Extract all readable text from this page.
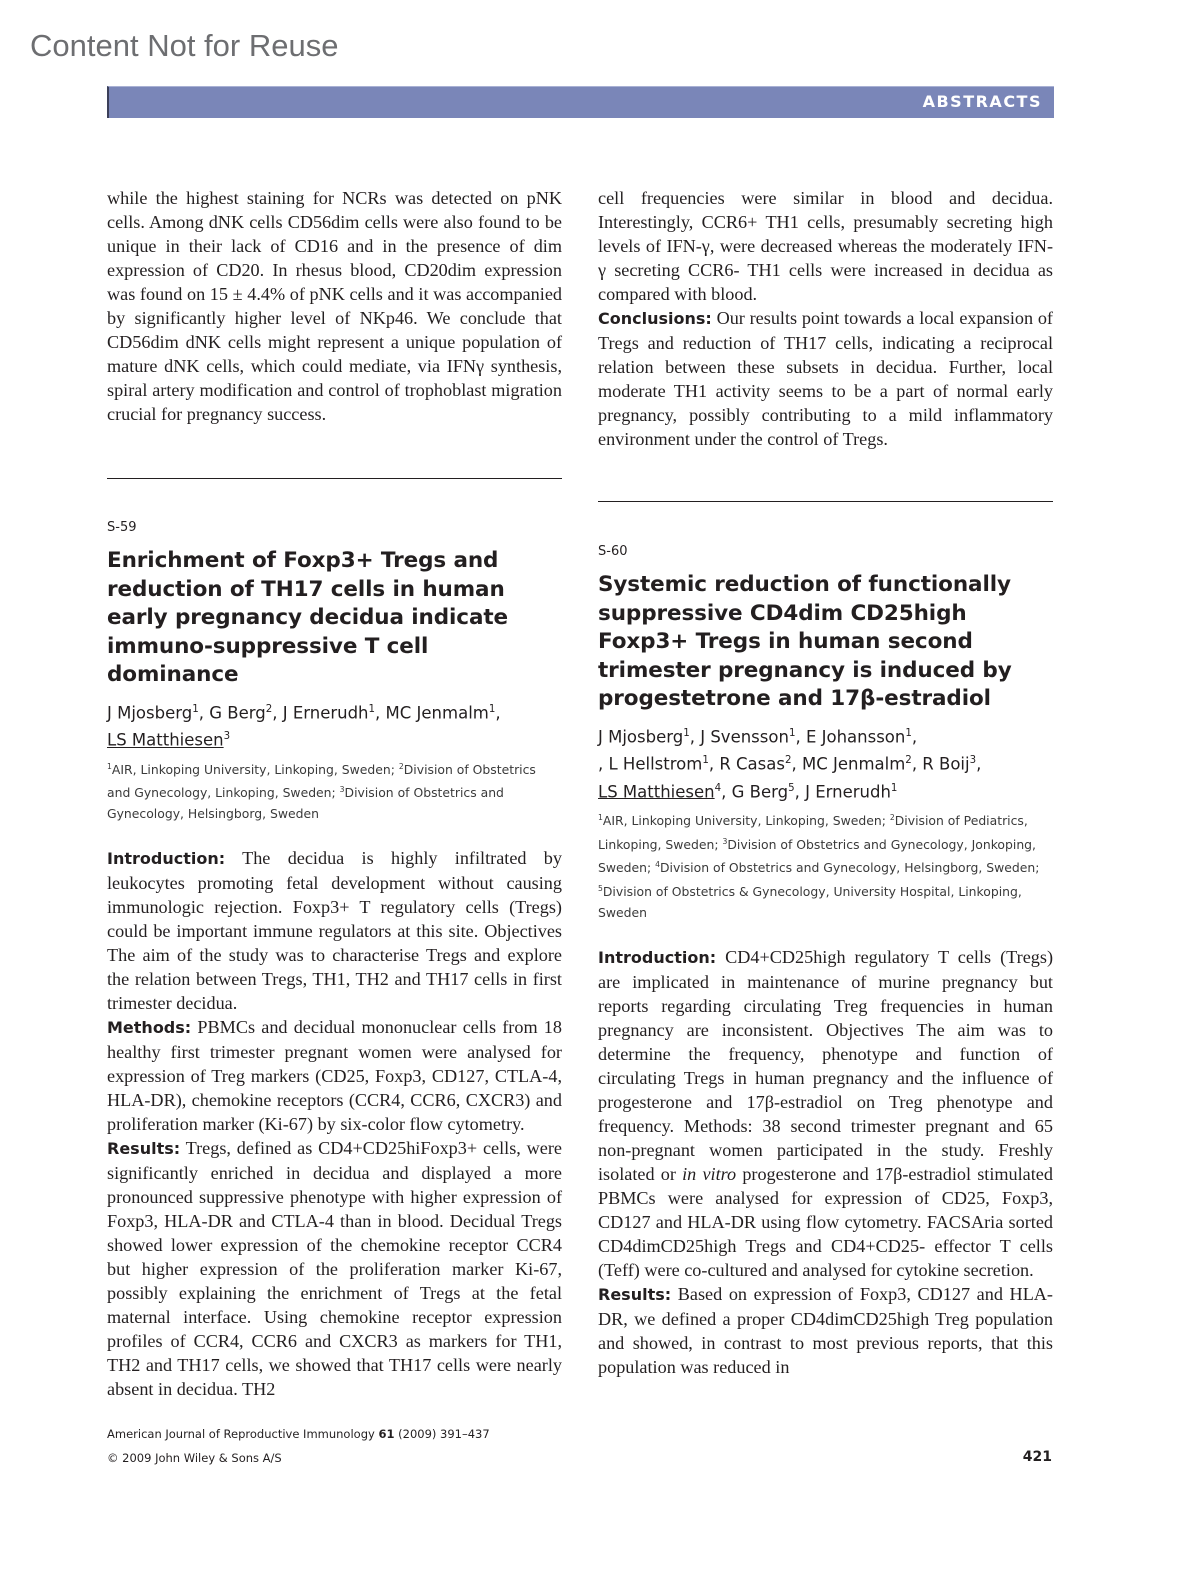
Content Not for Reuse
ABSTRACTS

while the highest staining for NCRs was detected on pNK cells. Among dNK cells CD56dim cells were also found to be unique in their lack of CD16 and in the presence of dim expression of CD20. In rhesus blood, CD20dim expression was found on 15 ± 4.4% of pNK cells and it was accompanied by significantly higher level of NKp46. We conclude that CD56dim dNK cells might represent a unique population of mature dNK cells, which could mediate, via IFNγ synthesis, spiral artery modification and control of trophoblast migration crucial for pregnancy success.

cell frequencies were similar in blood and decidua. Interestingly, CCR6+ TH1 cells, presumably secreting high levels of IFN-γ, were decreased whereas the moderately IFN-γ secreting CCR6- TH1 cells were increased in decidua as compared with blood.

Conclusions: Our results point towards a local expansion of Tregs and reduction of TH17 cells, indicating a reciprocal relation between these subsets in decidua. Further, local moderate TH1 activity seems to be a part of normal early pregnancy, possibly contributing to a mild inflammatory environment under the control of Tregs.

S-59
Enrichment of Foxp3+ Tregs and reduction of TH17 cells in human early pregnancy decidua indicate immuno-suppressive T cell dominance
J Mjosberg$^1$, G Berg$^2$, J Ernerudh$^1$, MC Jenmalm$^1$,
LS Matthiesen$^3$
$^1$AIR, Linkoping University, Linkoping, Sweden; $^2$Division of Obstetrics and Gynecology, Linkoping, Sweden; $^3$Division of Obstetrics and Gynecology, Helsingborg, Sweden

Introduction: The decidua is highly infiltrated by leukocytes promoting fetal development without causing immunologic rejection. Foxp3+ T regulatory cells (Tregs) could be important immune regulators at this site. Objectives The aim of the study was to characterise Tregs and explore the relation between Tregs, TH1, TH2 and TH17 cells in first trimester decidua.

Methods: PBMCs and decidual mononuclear cells from 18 healthy first trimester pregnant women were analysed for expression of Treg markers (CD25, Foxp3, CD127, CTLA-4, HLA-DR), chemokine receptors (CCR4, CCR6, CXCR3) and proliferation marker (Ki-67) by six-color flow cytometry.

Results: Tregs, defined as CD4+CD25hiFoxp3+ cells, were significantly enriched in decidua and displayed a more pronounced suppressive phenotype with higher expression of Foxp3, HLA-DR and CTLA-4 than in blood. Decidual Tregs showed lower expression of the chemokine receptor CCR4 but higher expression of the proliferation marker Ki-67, possibly explaining the enrichment of Tregs at the fetal maternal interface. Using chemokine receptor expression profiles of CCR4, CCR6 and CXCR3 as markers for TH1, TH2 and TH17 cells, we showed that TH17 cells were nearly absent in decidua. TH2

S-60
Systemic reduction of functionally suppressive CD4dim CD25high Foxp3+ Tregs in human second trimester pregnancy is induced by progestetrone and 17β-estradiol
J Mjosberg$^1$, J Svensson$^1$, E Johansson$^1$,
, L Hellstrom$^1$, R Casas$^2$, MC Jenmalm$^2$, R Boij$^3$,
LS Matthiesen$^4$, G Berg$^5$, J Ernerudh$^1$
$^1$AIR, Linkoping University, Linkoping, Sweden; $^2$Division of Pediatrics, Linkoping, Sweden; $^3$Division of Obstetrics and Gynecology, Jonkoping, Sweden; $^4$Division of Obstetrics and Gynecology, Helsingborg, Sweden; $^5$Division of Obstetrics & Gynecology, University Hospital, Linkoping, Sweden

Introduction: CD4+CD25high regulatory T cells (Tregs) are implicated in maintenance of murine pregnancy but reports regarding circulating Treg frequencies in human pregnancy are inconsistent. Objectives The aim was to determine the frequency, phenotype and function of circulating Tregs in human pregnancy and the influence of progesterone and 17β-estradiol on Treg phenotype and frequency. Methods: 38 second trimester pregnant and 65 non-pregnant women participated in the study. Freshly isolated or in vitro progesterone and 17β-estradiol stimulated PBMCs were analysed for expression of CD25, Foxp3, CD127 and HLA-DR using flow cytometry. FACSAria sorted CD4dimCD25high Tregs and CD4+CD25- effector T cells (Teff) were co-cultured and analysed for cytokine secretion.

Results: Based on expression of Foxp3, CD127 and HLA-DR, we defined a proper CD4dimCD25high Treg population and showed, in contrast to most previous reports, that this population was reduced in

American Journal of Reproductive Immunology 61 (2009) 391–437
© 2009 John Wiley & Sons A/S	421
